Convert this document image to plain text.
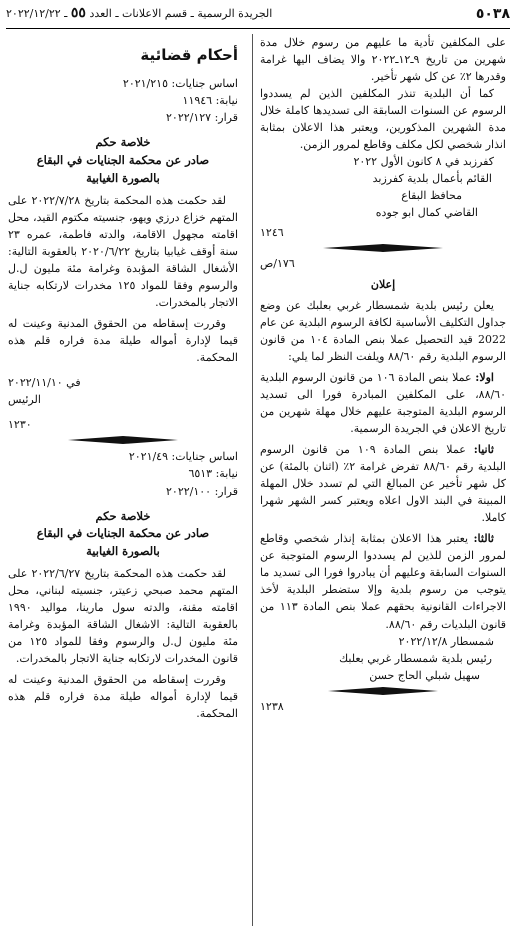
٥٠٣٨
الجريدة الرسمية ـ قسم الاعلانات ـ العدد ٥٥ ـ ٢٠٢٢/١٢/٢٢

على المكلفين تأدية ما عليهم من رسوم خلال مدة شهرين من تاريخ ٩ـ١٢ـ٢٠٢٢ والا يضاف اليها غرامة وقدرها ٢٪ عن كل شهر تأخير.

كما أن البلدية تنذر المكلفين الذين لم يسددوا الرسوم عن السنوات السابقة الى تسديدها كاملة خلال مدة الشهرين المذكورين، ويعتبر هذا الاعلان بمثابة انذار شخصي لكل مكلف وقاطع لمرور الزمن.

كفرزبد في ٨ كانون الأول ٢٠٢٢

القائم بأعمال بلدية كفرزبد

محافظ البقاع

القاضي كمال ابو جوده

١٢٤٦

١٧٦/ص

إعلان

يعلن رئيس بلدية شمسطار غربي بعلبك عن وضع جداول التكليف الأساسية لكافة الرسوم البلدية عن عام 2022 قيد التحصيل عملا بنص المادة ١٠٤ من قانون الرسوم البلدية رقم ٨٨/٦٠ ويلفت النظر لما يلي:

اولا: عملا بنص المادة ١٠٦ من قانون الرسوم البلدية ٨٨/٦٠، على المكلفين المبادرة فورا الى تسديد الرسوم البلدية المتوجبة عليهم خلال مهلة شهرين من تاريخ الاعلان في الجريدة الرسمية.

ثانيا: عملا بنص المادة ١٠٩ من قانون الرسوم البلدية رقم ٨٨/٦٠ تفرض غرامة ٢٪ (اثنان بالمئة) عن كل شهر تأخير عن المبالغ التي لم تسدد خلال المهلة المبينة في البند الاول اعلاه ويعتبر كسر الشهر شهرا كاملا.

ثالثا: يعتبر هذا الاعلان بمثابة إنذار شخصي وقاطع لمرور الزمن للذين لم يسددوا الرسوم المتوجبة عن السنوات السابقة وعليهم أن يبادروا فورا الى تسديد ما يتوجب من رسوم بلدية وإلا ستضطر البلدية لأخذ الاجراءات القانونية بحقهم عملا بنص المادة ١١٣ من قانون البلديات رقم ٨٨/٦٠.

شمسطار ٢٠٢٢/١٢/٨

رئيس بلدية شمسطار غربي بعلبك

سهيل شبلي الحاج حسن

١٢٣٨

أحكام قضائية

اساس جنايات: ٢٠٢١/٢١٥

نيابة: ١١٩٤٦

قرار: ٢٠٢٢/١٢٧

خلاصة حكم

صادر عن محكمة الجنايات في البقاع

بالصورة الغيابية

لقد حكمت هذه المحكمة بتاريخ ٢٠٢٢/٧/٢٨ على المتهم خزاع درزي ويهو، جنسيته مكتوم القيد، محل اقامته مجهول الاقامة، والدته فاطمة، عمره ٢٣ سنة أوقف غيابيا بتاريخ ٢٠٢٠/٦/٢٢ بالعقوبة التالية: الأشغال الشاقة المؤبدة وغرامة مئة مليون ل.ل والرسوم وفقا للمواد ١٢٥ مخدرات لارتكابه جناية الاتجار بالمخدرات.

وقررت إسقاطه من الحقوق المدنية وعينت له قيما لإدارة أمواله طيلة مدة فراره قلم هذه المحكمة.

في ٢٠٢٢/١١/١٠

الرئيس

١٢٣٠

اساس جنايات: ٢٠٢١/٤٩

نيابة: ٦٥١٣

قرار: ٢٠٢٢/١٠٠

خلاصة حكم

صادر عن محكمة الجنايات في البقاع

بالصورة الغيابية

لقد حكمت هذه المحكمة بتاريخ ٢٠٢٢/٦/٢٧ على المتهم محمد صبحي زعيتر، جنسيته لبناني، محل اقامته مقنة، والدته سول مارينا، مواليد ١٩٩٠ بالعقوبة التالية: الاشغال الشاقة المؤبدة وغرامة مئة مليون ل.ل والرسوم وفقا للمواد ١٢٥ من قانون المخدرات لارتكابه جناية الاتجار بالمخدرات.

وقررت إسقاطه من الحقوق المدنية وعينت له قيما لإدارة أمواله طيلة مدة فراره قلم هذه المحكمة.
